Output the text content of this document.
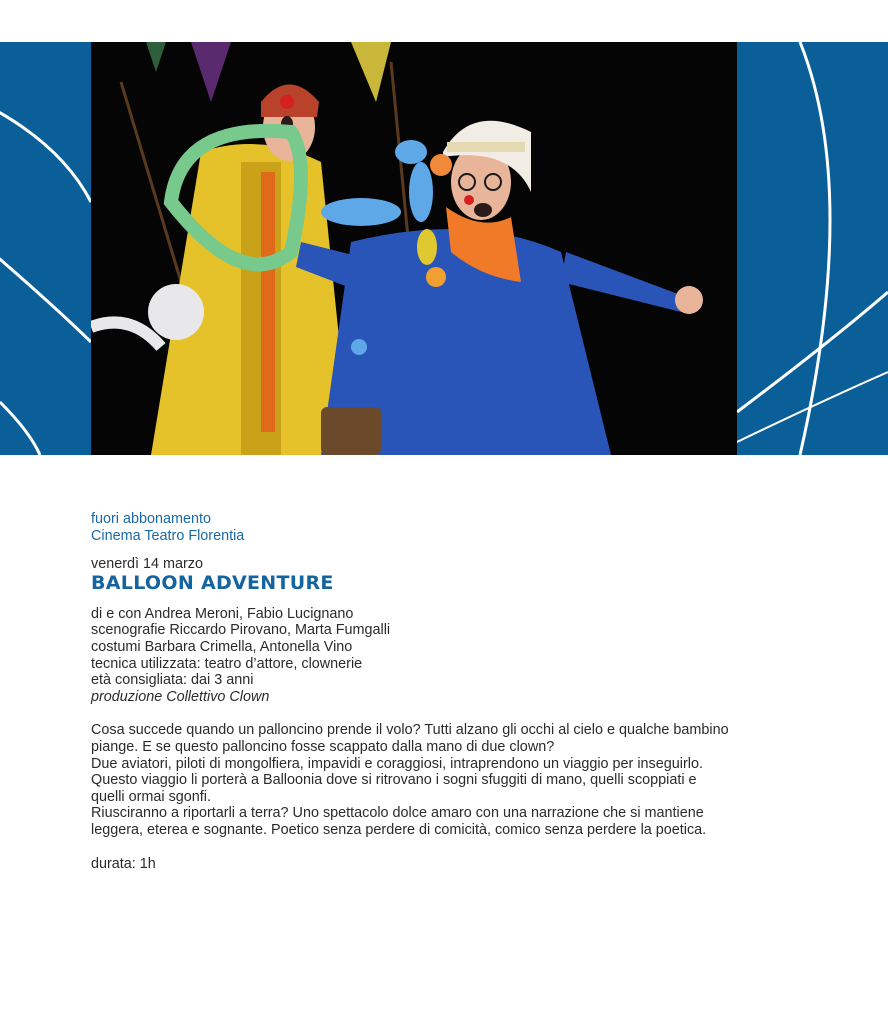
fuori abbonamento

Cinema Teatro Florentia

venerdì 14 marzo

BALLOON ADVENTURE

di e con Andrea Meroni, Fabio Lucignano

scenografie Riccardo Pirovano, Marta Fumgalli

costumi Barbara Crimella, Antonella Vino

tecnica utilizzata: teatro d’attore, clownerie

età consigliata: dai 3 anni

produzione Collettivo Clown

Cosa succede quando un palloncino prende il volo? Tutti alzano gli occhi al cielo e qualche bambino

piange. E se questo palloncino fosse scappato dalla mano di due clown?

Due aviatori, piloti di mongolfiera, impavidi e coraggiosi, intraprendono un viaggio per inseguirlo.

Questo viaggio li porterà a Balloonia dove si ritrovano i sogni sfuggiti di mano, quelli scoppiati e

quelli ormai sgonfi.

Riusciranno a riportarli a terra? Uno spettacolo dolce amaro con una narrazione che si mantiene

leggera, eterea e sognante. Poetico senza perdere di comicità, comico senza perdere la poetica.

durata: 1h
